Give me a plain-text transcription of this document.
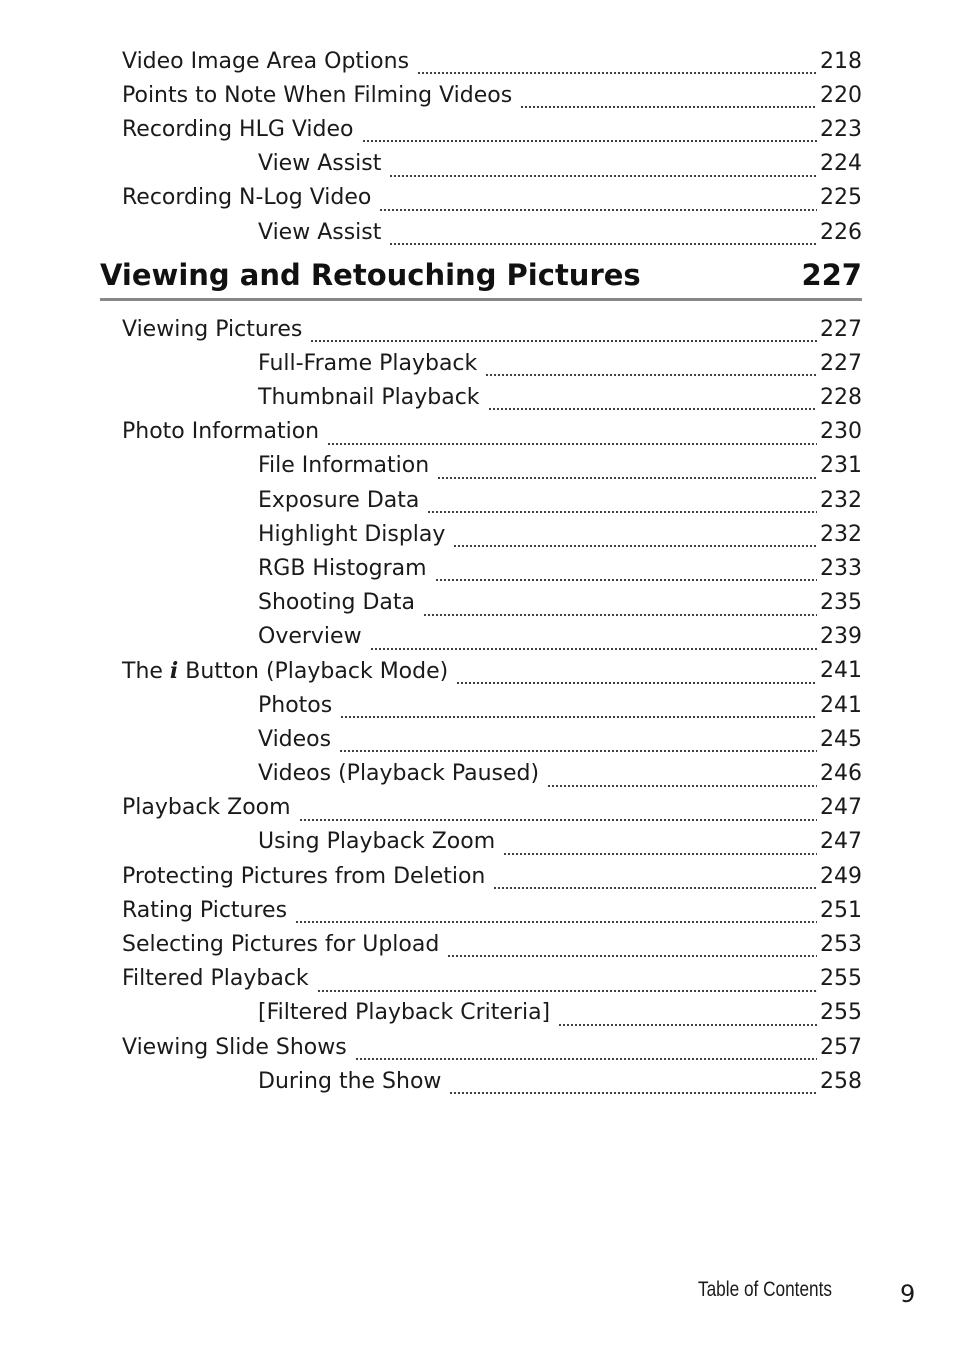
Video Image Area Options	218
Points to Note When Filming Videos	220
Recording HLG Video	223
View Assist	224
Recording N-Log Video	225
View Assist	226
Viewing and Retouching Pictures	227
Viewing Pictures	227
Full-Frame Playback	227
Thumbnail Playback	228
Photo Information	230
File Information	231
Exposure Data	232
Highlight Display	232
RGB Histogram	233
Shooting Data	235
Overview	239
The i Button (Playback Mode)	241
Photos	241
Videos	245
Videos (Playback Paused)	246
Playback Zoom	247
Using Playback Zoom	247
Protecting Pictures from Deletion	249
Rating Pictures	251
Selecting Pictures for Upload	253
Filtered Playback	255
[Filtered Playback Criteria]	255
Viewing Slide Shows	257
During the Show	258
Table of Contents	9
